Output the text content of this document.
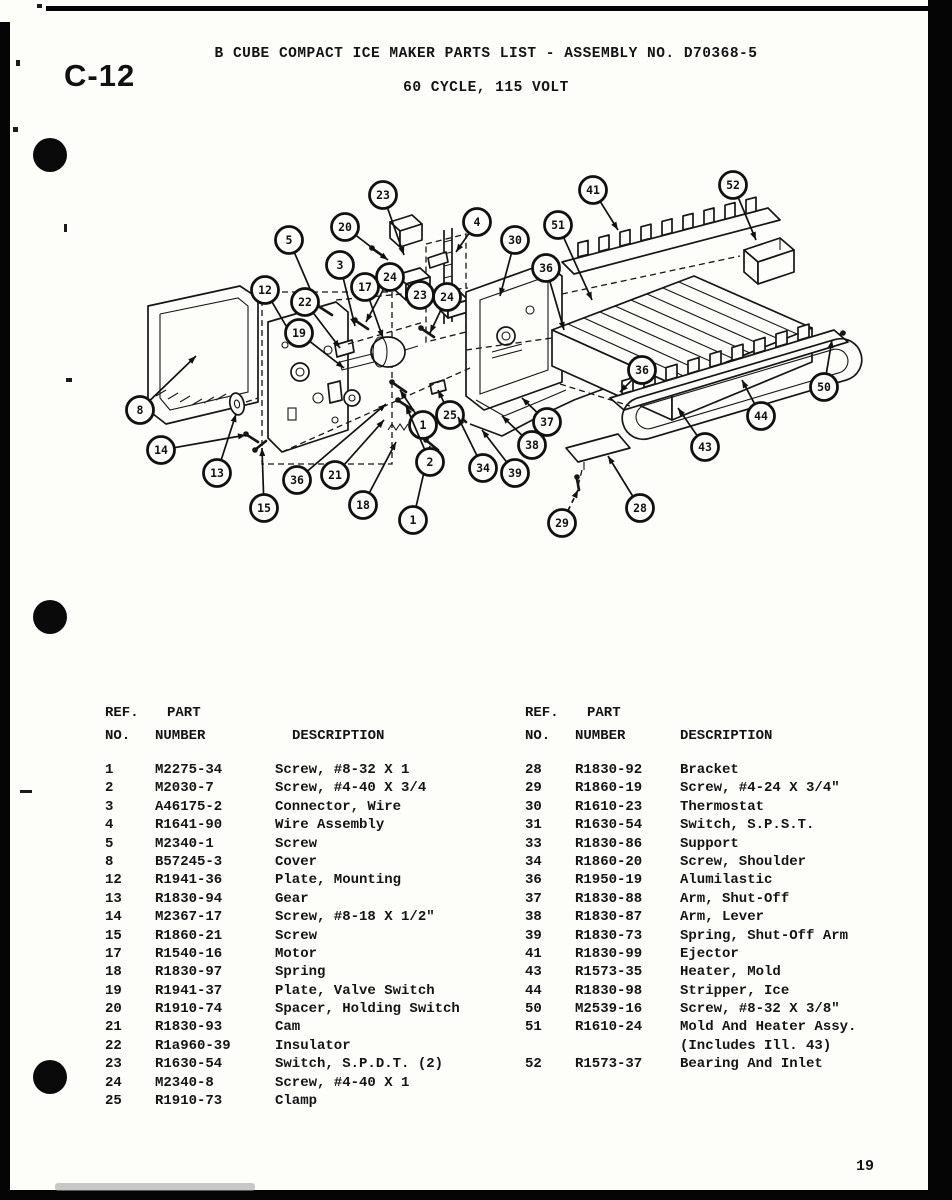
C-12
B CUBE COMPACT ICE MAKER PARTS LIST - ASSEMBLY NO. D70368-5
60 CYCLE, 115 VOLT
19
8
14
13
12
15
5
22
19
3
17
24
20
23
23 24
4
36 21
18
1
1
2
25
34
37
38
39
29
28
30
51
36
41	52
36
44
43
50
REF.	PART
NO.	NUMBER	DESCRIPTION
1	M2275-34	Screw, #8-32 X 1
2	M2030-7	Screw, #4-40 X 3/4
3	A46175-2	Connector, Wire
4	R1641-90	Wire Assembly
5	M2340-1	Screw
8	B57245-3	Cover
12	R1941-36	Plate, Mounting
13	R1830-94	Gear
14	M2367-17	Screw, #8-18 X 1/2"
15	R1860-21	Screw
17	R1540-16	Motor
18	R1830-97	Spring
19	R1941-37	Plate, Valve Switch
20	R1910-74	Spacer, Holding Switch
21	R1830-93	Cam
22	R1a960-39	Insulator
23	R1630-54	Switch, S.P.D.T. (2)
24	M2340-8	Screw, #4-40 X 1
25	R1910-73	Clamp
REF.	PART
NO.	NUMBER	DESCRIPTION
28	R1830-92	Bracket
29	R1860-19	Screw, #4-24 X 3/4"
30	R1610-23	Thermostat
31	R1630-54	Switch, S.P.S.T.
33	R1830-86	Support
34	R1860-20	Screw, Shoulder
36	R1950-19	Alumilastic
37	R1830-88	Arm, Shut-Off
38	R1830-87	Arm, Lever
39	R1830-73	Spring, Shut-Off Arm
41	R1830-99	Ejector
43	R1573-35	Heater, Mold
44	R1830-98	Stripper, Ice
50	M2539-16	Screw, #8-32 X 3/8"
51	R1610-24	Mold And Heater Assy.
(Includes Ill. 43)
52	R1573-37	Bearing And Inlet
